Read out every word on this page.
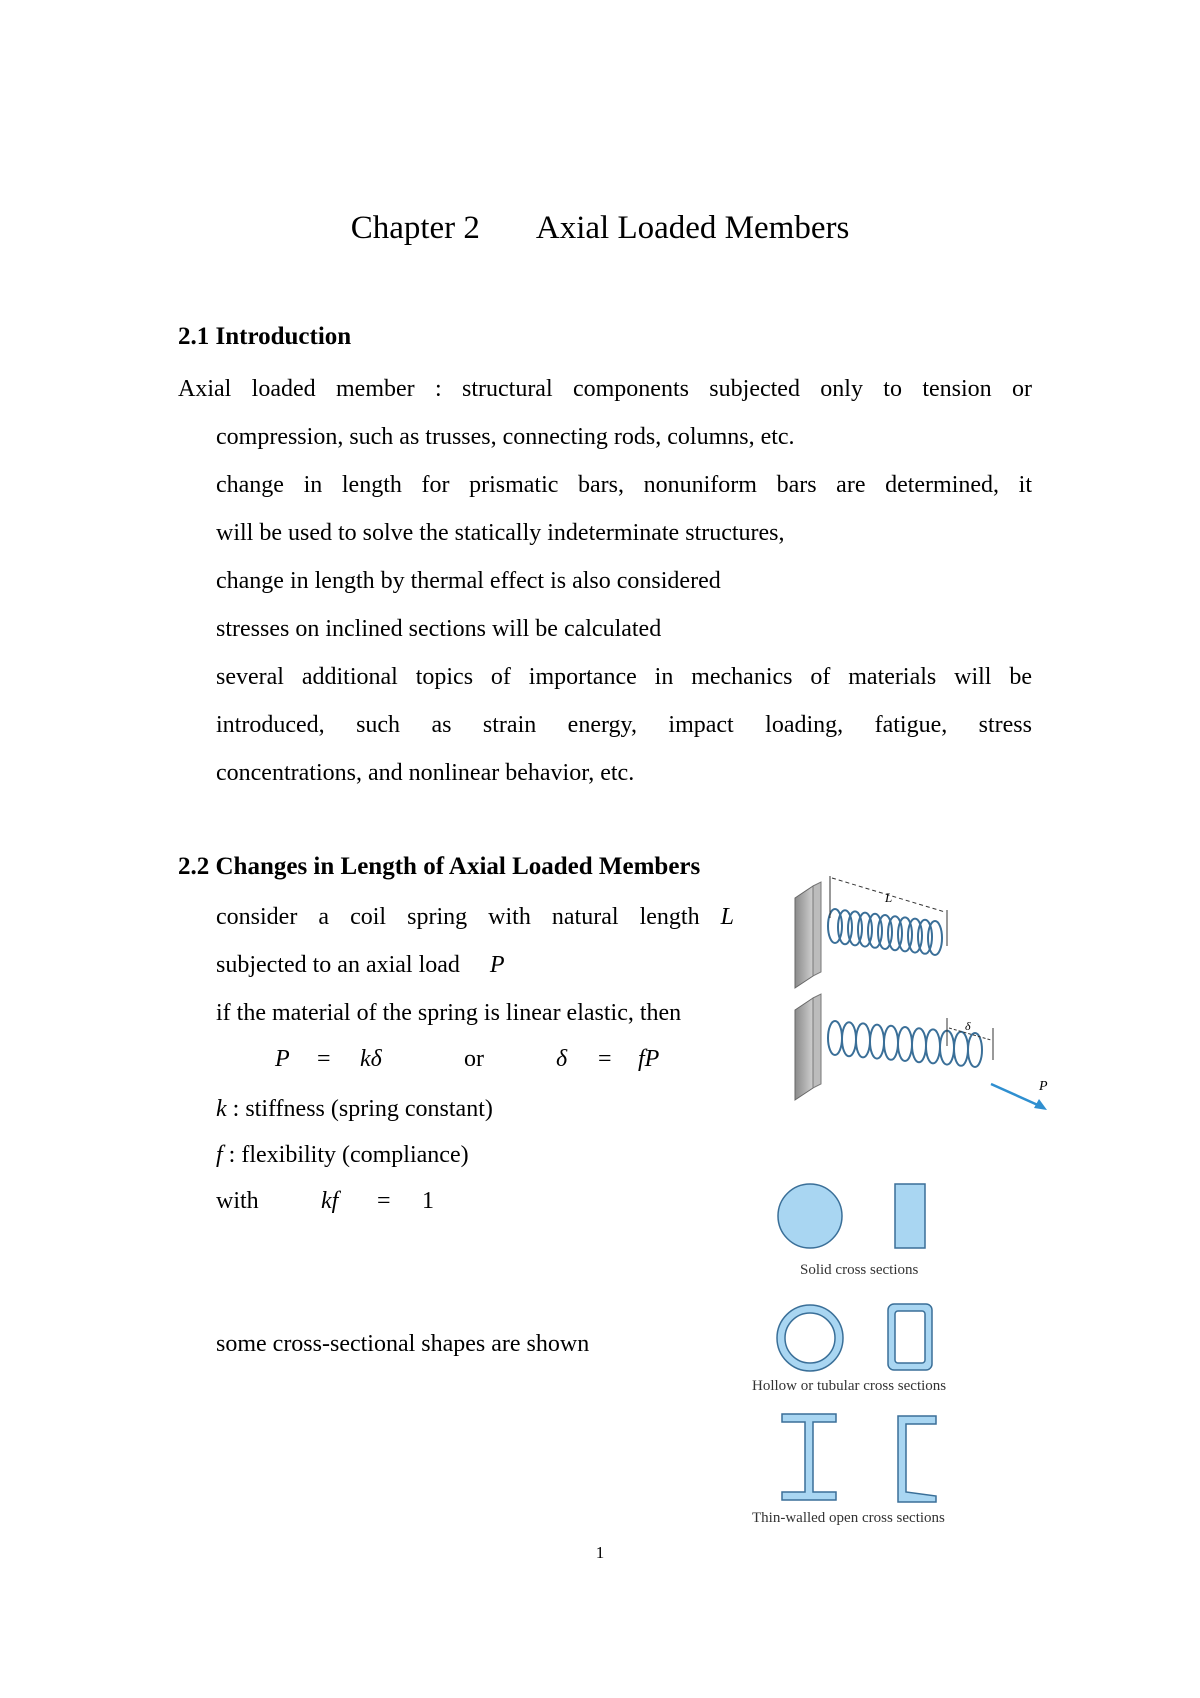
Chapter 2 Axial Loaded Members
2.1 Introduction
Axial loaded member : structural components subjected only to tension or
compression, such as trusses, connecting rods, columns, etc.
change in length for prismatic bars, nonuniform bars are determined, it
will be used to solve the statically indeterminate structures,
change in length by thermal effect is also considered
stresses on inclined sections will be calculated
several additional topics of importance in mechanics of materials will be
introduced, such as strain energy, impact loading, fatigue, stress
concentrations, and nonlinear behavior, etc.
2.2 Changes in Length of Axial Loaded Members
consider a coil spring with natural length L
subjected to an axial load P
if the material of the spring is linear elastic, then
P = kδ	or	δ = fP
k : stiffness (spring constant)
f : flexibility (compliance)
with	kf = 1
some cross-sectional shapes are shown
L
δ
P
Solid cross sections
Hollow or tubular cross sections
Thin-walled open cross sections
1
